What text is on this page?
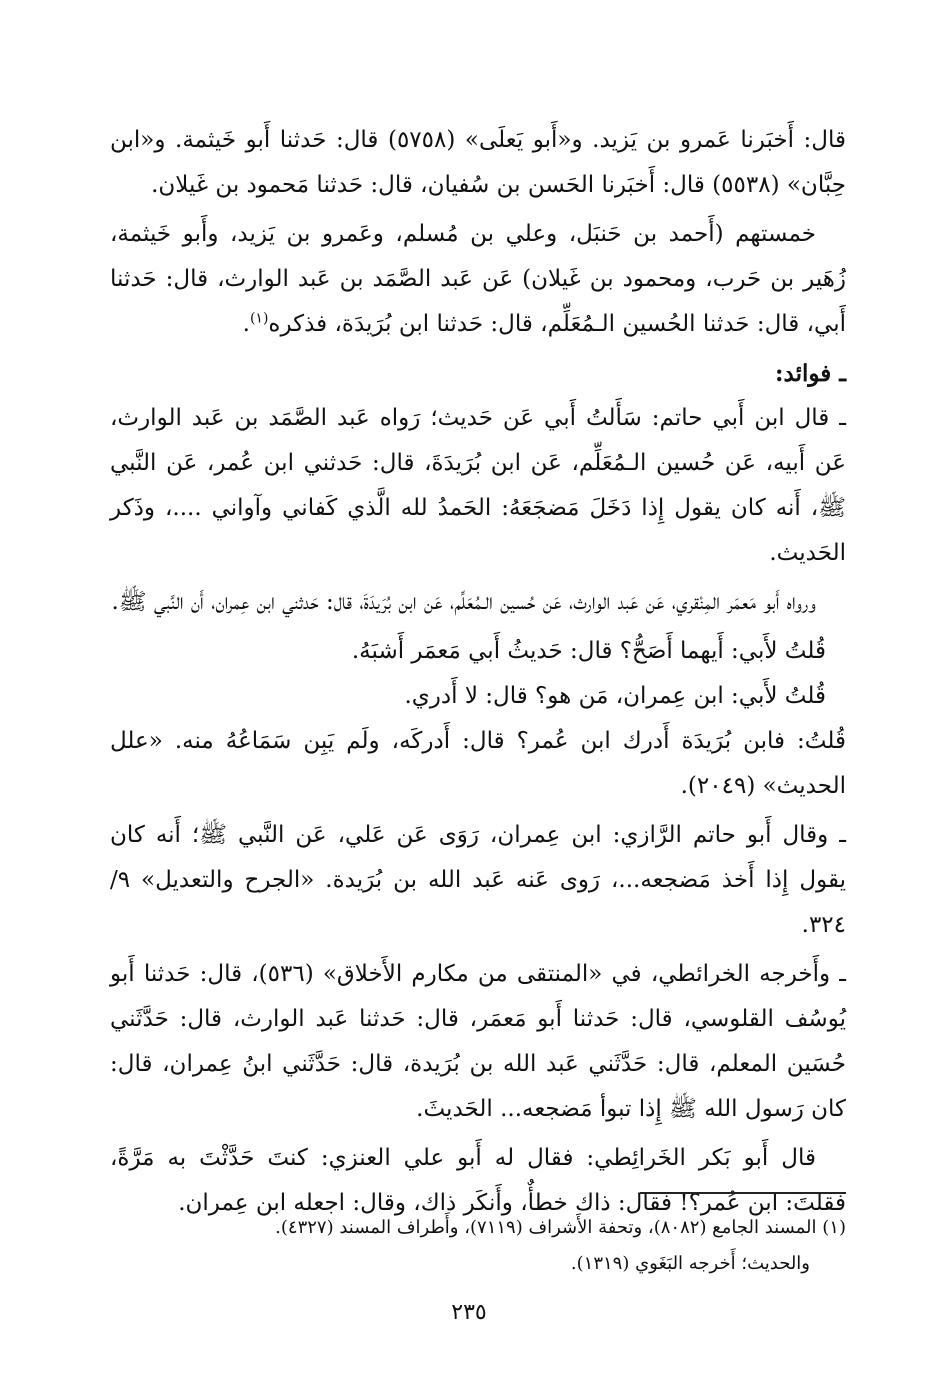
قال: أَخبَرنا عَمرو بن يَزيد. و«أَبو يَعلَى» (٥٧٥٨) قال: حَدثنا أَبو خَيثمة. و«ابن حِبَّان» (٥٥٣٨) قال: أَخبَرنا الحَسن بن سُفيان، قال: حَدثنا مَحمود بن غَيلان.

خمستهم (أَحمد بن حَنبَل، وعلي بن مُسلم، وعَمرو بن يَزيد، وأَبو خَيثمة، زُهَير بن حَرب، ومحمود بن غَيلان) عَن عَبد الصَّمَد بن عَبد الوارث، قال: حَدثنا أَبي، قال: حَدثنا الحُسين الـمُعَلِّم، قال: حَدثنا ابن بُرَيدَة، فذكره$^{(١)}$.

ـ فوائد:

ـ قال ابن أَبي حاتم: سَأَلتُ أَبي عَن حَديث؛ رَواه عَبد الصَّمَد بن عَبد الوارث، عَن أَبيه، عَن حُسين الـمُعَلِّم، عَن ابن بُرَيدَةَ، قال: حَدثني ابن عُمر، عَن النَّبي ﷺ، أَنه كان يقول إِذا دَخَلَ مَضجَعَهُ: الحَمدُ لله الَّذي كَفاني وآواني ....، وذَكر الحَديث.

ورواه أَبو مَعمَر المِنْقري، عَن عَبد الوارث، عَن حُسين الـمُعَلِّم، عَن ابن بُرَيدَةَ، قال: حَدثني ابن عِمران، أَن النَّبي ﷺ.

قُلتُ لأَبي: أَيهما أَصَحُّ؟ قال: حَديثُ أَبي مَعمَر أَشبَهُ.

قُلتُ لأَبي: ابن عِمران، مَن هو؟ قال: لا أَدري.

قُلتُ: فابن بُرَيدَة أَدرك ابن عُمر؟ قال: أَدركَه، ولَم يَبِن سَمَاعُهُ منه. «علل الحديث» (٢٠٤٩).

ـ وقال أَبو حاتم الرَّازي: ابن عِمران، رَوَى عَن عَلي، عَن النَّبي ﷺ؛ أَنه كان يقول إِذا أَخذ مَضجعه...، رَوى عَنه عَبد الله بن بُرَيدة. «الجرح والتعديل» ٩/ ٣٢٤.

ـ وأَخرجه الخرائطي، في «المنتقى من مكارم الأَخلاق» (٥٣٦)، قال: حَدثنا أَبو يُوسُف القلوسي، قال: حَدثنا أَبو مَعمَر، قال: حَدثنا عَبد الوارث، قال: حَدَّثَني حُسَين المعلم، قال: حَدَّثَني عَبد الله بن بُرَيدة، قال: حَدَّثَني ابنُ عِمران، قال: كان رَسول الله ﷺ إِذا تبوأ مَضجعه... الحَديثَ.

قال أَبو بَكر الخَرائِطي: فقال له أَبو علي العنزي: كنتَ حَدَّثْتَ به مَرَّةً، فقلتَ: ابن عُمر؟! فقال: ذاك خطأٌ، وأَنكَر ذاك، وقال: اجعله ابن عِمران.

(١) المسند الجامع (٨٠٨٢)، وتحفة الأَشراف (٧١١٩)، وأَطراف المسند (٤٣٢٧).

والحديث؛ أَخرجه البَغَوي (١٣١٩).

٢٣٥
